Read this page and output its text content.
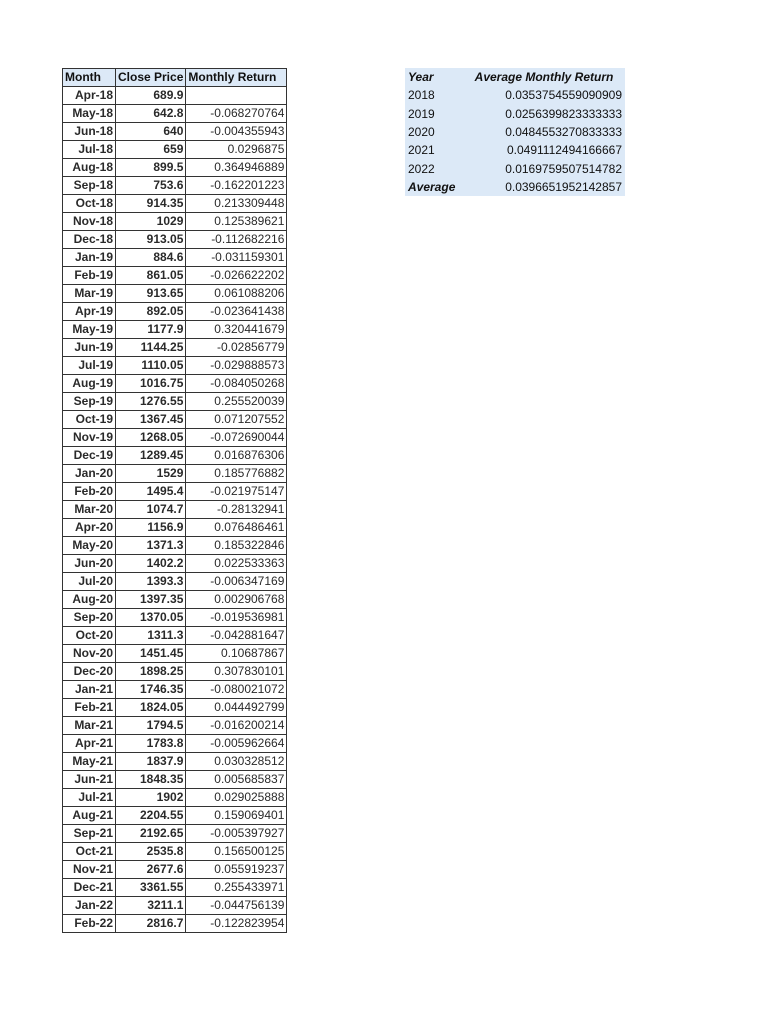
Month	Close Price	Monthly Return
Apr-18	689.9	
May-18	642.8	-0.068270764
Jun-18	640	-0.004355943
Jul-18	659	0.0296875
Aug-18	899.5	0.364946889
Sep-18	753.6	-0.162201223
Oct-18	914.35	0.213309448
Nov-18	1029	0.125389621
Dec-18	913.05	-0.112682216
Jan-19	884.6	-0.031159301
Feb-19	861.05	-0.026622202
Mar-19	913.65	0.061088206
Apr-19	892.05	-0.023641438
May-19	1177.9	0.320441679
Jun-19	1144.25	-0.02856779
Jul-19	1110.05	-0.029888573
Aug-19	1016.75	-0.084050268
Sep-19	1276.55	0.255520039
Oct-19	1367.45	0.071207552
Nov-19	1268.05	-0.072690044
Dec-19	1289.45	0.016876306
Jan-20	1529	0.185776882
Feb-20	1495.4	-0.021975147
Mar-20	1074.7	-0.28132941
Apr-20	1156.9	0.076486461
May-20	1371.3	0.185322846
Jun-20	1402.2	0.022533363
Jul-20	1393.3	-0.006347169
Aug-20	1397.35	0.002906768
Sep-20	1370.05	-0.019536981
Oct-20	1311.3	-0.042881647
Nov-20	1451.45	0.10687867
Dec-20	1898.25	0.307830101
Jan-21	1746.35	-0.080021072
Feb-21	1824.05	0.044492799
Mar-21	1794.5	-0.016200214
Apr-21	1783.8	-0.005962664
May-21	1837.9	0.030328512
Jun-21	1848.35	0.005685837
Jul-21	1902	0.029025888
Aug-21	2204.55	0.159069401
Sep-21	2192.65	-0.005397927
Oct-21	2535.8	0.156500125
Nov-21	2677.6	0.055919237
Dec-21	3361.55	0.255433971
Jan-22	3211.1	-0.044756139
Feb-22	2816.7	-0.122823954
Year	Average Monthly Return
2018	0.0353754559090909
2019	0.0256399823333333
2020	0.0484553270833333
2021	0.0491112494166667
2022	0.0169759507514782
Average	0.0396651952142857
